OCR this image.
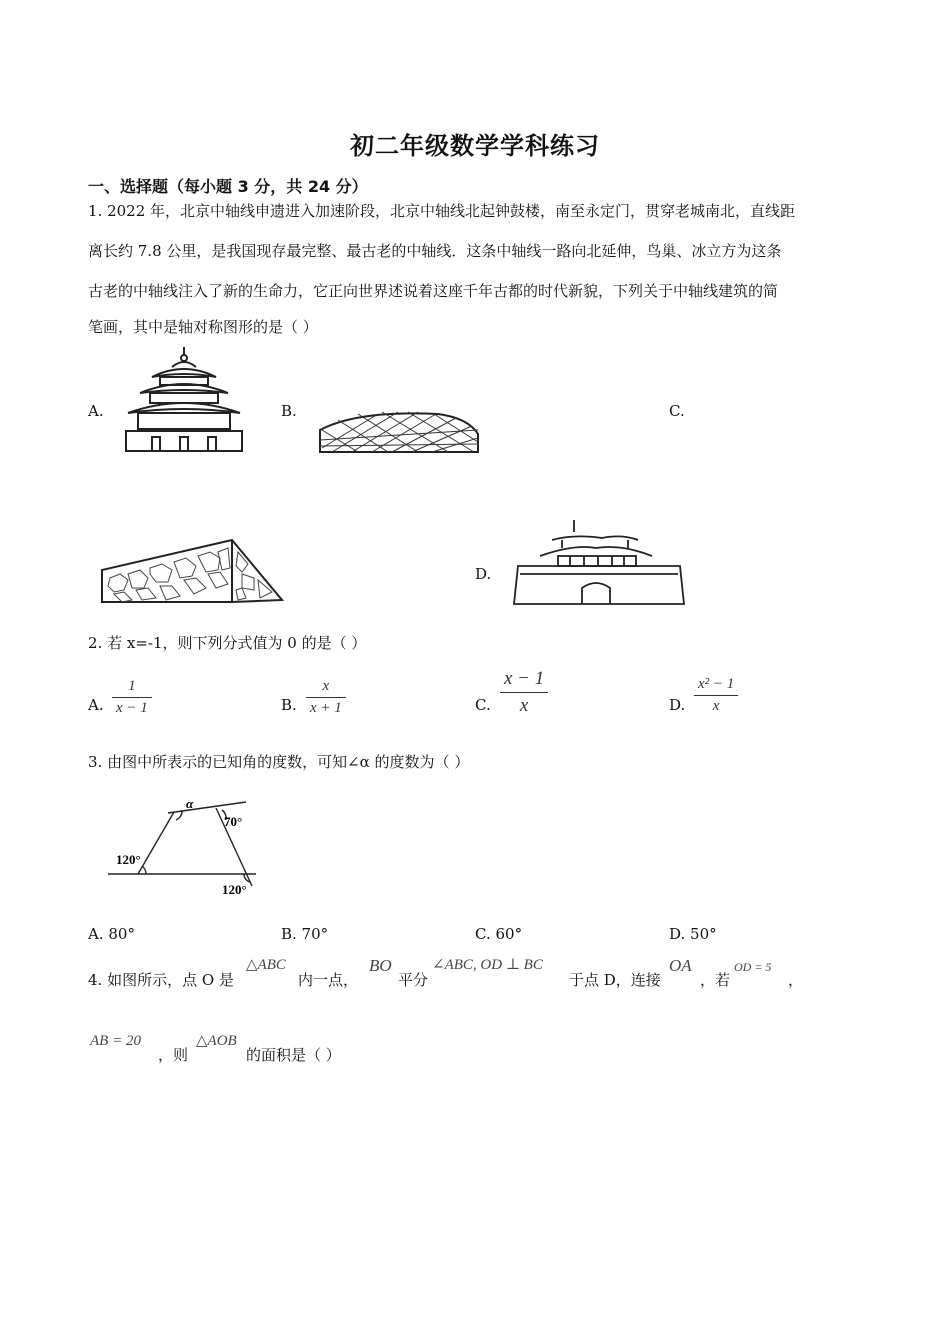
初二年级数学学科练习
一、选择题（每小题 3 分，共 24 分）
1. 2022 年，北京中轴线申遗进入加速阶段，北京中轴线北起钟鼓楼，南至永定门，贯穿老城南北，直线距
离长约 7.8 公里，是我国现存最完整、最古老的中轴线．这条中轴线一路向北延伸，鸟巢、冰立方为这条
古老的中轴线注入了新的生命力，它正向世界述说着这座千年古都的时代新貌，下列关于中轴线建筑的简
笔画，其中是轴对称图形的是（ ）
A.	B.	C.
D.
2. 若 x=-1，则下列分式值为 0 的是（ ）
A.
1
x − 1	B.
x
x + 1	C.
x − 1
x	D.
x² − 1
x
3. 由图中所表示的已知角的度数，可知∠α 的度数为（ ）
α
70°
120°
120°
A. 80°	B. 70°	C. 60°	D. 50°
4. 如图所示，点 O 是
△ABC
内一点，
BO
平分
∠ABC, OD ⊥ BC
于点 D，连接
OA
，若
OD = 5
，
AB = 20
，则
△AOB
的面积是（ ）
